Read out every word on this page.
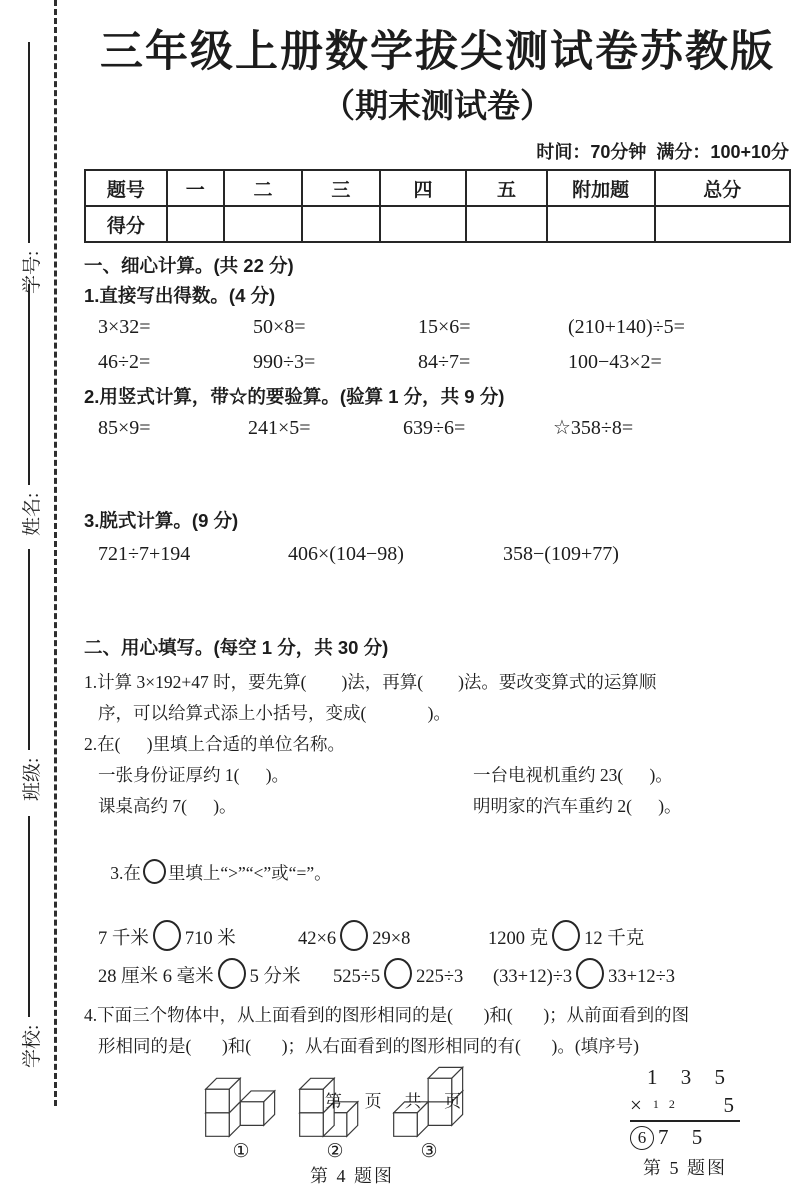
学号:
姓名:
班级:
学校:
三年级上册数学拔尖测试卷苏教版
（期末测试卷）
时间：70分钟  满分：100+10分
题号	一	二	三	四	五	附加题	总分
得分							
一、细心计算。(共 22 分)
1.直接写出得数。(4 分)
3×32=	50×8=	15×6=	(210+140)÷5=
46÷2=	990÷3=	84÷7=	100−43×2=
2.用竖式计算，带☆的要验算。(验算 1 分，共 9 分)
85×9=	241×5=	639÷6=	☆358÷8=
3.脱式计算。(9 分)
721÷7+194	406×(104−98)	358−(109+77)
二、用心填写。(每空 1 分，共 30 分)
1.计算 3×192+47 时，要先算(        )法，再算(        )法。要改变算式的运算顺
序，可以给算式添上小括号，变成(              )。
2.在(      )里填上合适的单位名称。
一张身份证厚约 1(      )。	一台电视机重约 23(      )。
课桌高约 7(      )。	明明家的汽车重约 2(      )。

3.在 里填上“>”“<”或“=”。

7 千米 710 米	42×6 29×8	1200 克 12 千克
28 厘米 6 毫米 5 分米	525÷5 225÷3	(33+12)÷3 33+12÷3
4.下面三个物体中，从上面看到的图形相同的是(       )和(       )；从前面看到的图
形相同的是(       )和(       )；从右面看到的图形相同的有(       )。(填序号)
①	②	③
第 4 题图
1 3 5
× 1 2 5
6 7 5
第 5 题图
第 页 共 页
